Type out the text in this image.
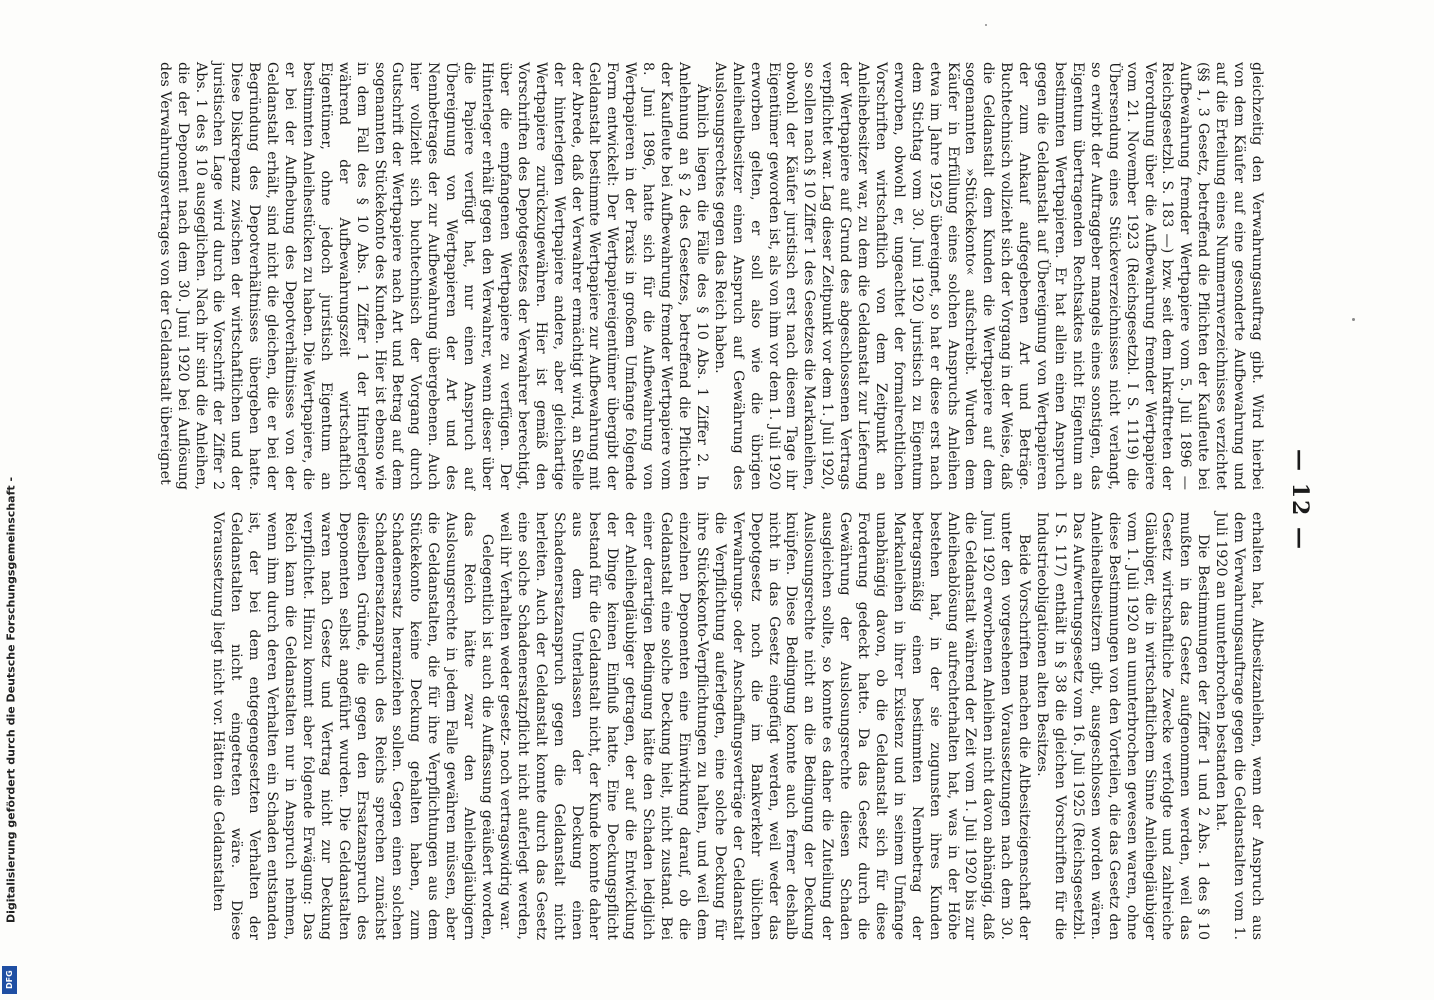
— 12 —

gleichzeitig den Verwahrungsauftrag gibt. Wird hierbei von dem Käufer auf eine gesonderte Aufbewahrung und auf die Erteilung eines Nummernverzeichnisses verzichtet (§§ 1, 3 Gesetz, betreffend die Pflichten der Kaufleute bei Aufbewahrung fremder Wertpapiere vom 5. Juli 1896 — Reichsgesetzbl. S. 183 —) bzw. seit dem Inkrafttreten der Verordnung über die Aufbewahrung fremder Wertpapiere vom 21. November 1923 (Reichsgesetzbl. I S. 1119) die Übersendung eines Stückeverzeichnisses nicht verlangt, so erwirbt der Auftraggeber mangels eines sonstigen, das Eigentum übertragenden Rechtsaktes nicht Eigentum an bestimmten Wertpapieren. Er hat allein einen Anspruch gegen die Geldanstalt auf Übereignung von Wertpapieren der zum Ankauf aufgegebenen Art und Beträge. Buchtechnisch vollzieht sich der Vorgang in der Weise, daß die Geldanstalt dem Kunden die Wertpapiere auf dem sogenannten »Stückekonto« aufschreibt. Wurden dem Käufer in Erfüllung eines solchen Anspruchs Anleihen etwa im Jahre 1925 übereignet, so hat er diese erst nach dem Stichtag vom 30. Juni 1920 juristisch zu Eigentum erworben, obwohl er, ungeachtet der formalrechtlichen Vorschriften wirtschaftlich von dem Zeitpunkt an Anleihebesitzer war, zu dem die Geldanstalt zur Lieferung der Wertpapiere auf Grund des abgeschlossenen Vertrags verpflichtet war. Lag dieser Zeitpunkt vor dem 1. Juli 1920, so sollen nach § 10 Ziffer 1 des Gesetzes die Markanleihen, obwohl der Käufer juristisch erst nach diesem Tage ihr Eigentümer geworden ist, als von ihm vor dem 1. Juli 1920 erworben gelten, er soll also wie die übrigen Anleihealtbesitzer einen Anspruch auf Gewährung des Auslosungsrechtes gegen das Reich haben.

Ähnlich liegen die Fälle des § 10 Abs. 1 Ziffer 2. In Anlehnung an § 2 des Gesetzes, betreffend die Pflichten der Kaufleute bei Aufbewahrung fremder Wertpapiere vom 8. Juni 1896, hatte sich für die Aufbewahrung von Wertpapieren in der Praxis in großem Umfange folgende Form entwickelt: Der Wertpapiereigentümer übergibt der Geldanstalt bestimmte Wertpapiere zur Aufbewahrung mit der Abrede, daß der Verwahrer ermächtigt wird, an Stelle der hinterlegten Wertpapiere andere, aber gleichartige Wertpapiere zurückzugewähren. Hier ist gemäß den Vorschriften des Depotgesetzes der Verwahrer berechtigt, über die empfangenen Wertpapiere zu verfügen. Der Hinterleger erhält gegen den Verwahrer, wenn dieser über die Papiere verfügt hat, nur einen Anspruch auf Übereignung von Wertpapieren der Art und des Nennbetrages der zur Aufbewahrung übergebenen. Auch hier vollzieht sich buchtechnisch der Vorgang durch Gutschrift der Wertpapiere nach Art und Betrag auf dem sogenannten Stückekonto des Kunden. Hier ist ebenso wie in dem Fall des § 10 Abs. 1 Ziffer 1 der Hinterleger während der Aufbewahrungszeit wirtschaftlich Eigentümer, ohne jedoch juristisch Eigentum an bestimmten Anleihestücken zu haben. Die Wertpapiere, die er bei der Aufhebung des Depotverhältnisses von der Geldanstalt erhält, sind nicht die gleichen, die er bei der Begründung des Depotverhältnisses übergeben hatte. Diese Diskrepanz zwischen der wirtschaftlichen und der juristischen Lage wird durch die Vorschrift der Ziffer 2 Abs. 1 des § 10 ausgeglichen. Nach ihr sind die Anleihen, die der Deponent nach dem 30. Juni 1920 bei Auflösung des Verwahrungsvertrages von der Geldanstalt übereignet

erhalten hat, Altbesitzanleihen, wenn der Anspruch aus dem Verwahrungsauftrage gegen die Geldanstalten vom 1. Juli 1920 an ununterbrochen bestanden hat.

Die Bestimmungen der Ziffer 1 und 2 Abs. 1 des § 10 mußten in das Gesetz aufgenommen werden, weil das Gesetz wirtschaftliche Zwecke verfolgte und zahlreiche Gläubiger, die in wirtschaftlichem Sinne Anleihegläubiger vom 1. Juli 1920 an ununterbrochen gewesen waren, ohne diese Bestimmungen von den Vorteilen, die das Gesetz den Anleihealtbesitzern gibt, ausgeschlossen worden wären. Das Aufwertungsgesetz vom 16. Juli 1925 (Reichsgesetzbl. I S. 117) enthält in § 38 die gleichen Vorschriften für die Industrieobligationen alten Besitzes.

Beide Vorschriften machen die Altbesitzeigenschaft der unter den vorgesehenen Voraussetzungen nach dem 30. Juni 1920 erworbenen Anleihen nicht davon abhängig, daß die Geldanstalt während der Zeit vom 1. Juli 1920 bis zur Anleiheablösung aufrechterhalten hat, was in der Höhe bestehen hat, in der sie zugunsten ihres Kunden betragsmäßig einen bestimmten Nennbetrag der Markanleihen in ihrer Existenz und in seinem Umfange unabhängig davon, ob die Geldanstalt sich für diese Forderung gedeckt hatte. Da das Gesetz durch die Gewährung der Auslosungsrechte diesen Schaden ausgleichen sollte, so konnte es daher die Zuteilung der Auslosungsrechte nicht an die Bedingung der Deckung knüpfen. Diese Bedingung konnte auch ferner deshalb nicht in das Gesetz eingefügt werden, weil weder das Depotgesetz noch die im Bankverkehr üblichen Verwahrungs- oder Anschaffungsverträge der Geldanstalt die Verpflichtung auferlegten, eine solche Deckung für ihre Stückekonto-Verpflichtungen zu halten, und weil dem einzelnen Deponenten eine Einwirkung darauf, ob die Geldanstalt eine solche Deckung hielt, nicht zustand. Bei einer derartigen Bedingung hätte den Schaden lediglich der Anleihegläubiger getragen, der auf die Entwicklung der Dinge keinen Einfluß hatte. Eine Deckungspflicht bestand für die Geldanstalt nicht, der Kunde konnte daher aus dem Unterlassen der Deckung einen Schadenersatzanspruch gegen die Geldanstalt nicht herleiten. Auch der Geldanstalt konnte durch das Gesetz eine solche Schadenersatzpflicht nicht auferlegt werden, weil ihr Verhalten weder gesetz- noch vertragswidrig war.

Gelegentlich ist auch die Auffassung geäußert worden, das Reich hätte zwar den Anleihegläubigern Auslosungsrechte in jedem Falle gewähren müssen, aber die Geldanstalten, die für ihre Verpflichtungen aus dem Stückekonto keine Deckung gehalten haben, zum Schadenersatz heranziehen sollen. Gegen einen solchen Schadenersatzanspruch des Reichs sprechen zunächst dieselben Gründe, die gegen den Ersatzanspruch des Deponenten selbst angeführt wurden. Die Geldanstalten waren nach Gesetz und Vertrag nicht zur Deckung verpflichtet. Hinzu kommt aber folgende Erwägung: Das Reich kann die Geldanstalten nur in Anspruch nehmen, wenn ihm durch deren Verhalten ein Schaden entstanden ist, der bei dem entgegengesetzten Verhalten der Geldanstalten nicht eingetreten wäre. Diese Voraussetzung liegt nicht vor. Hätten die Geldanstalten

Digitalisierung gefördert durch die Deutsche Forschungsgemeinschaft -
DFG
